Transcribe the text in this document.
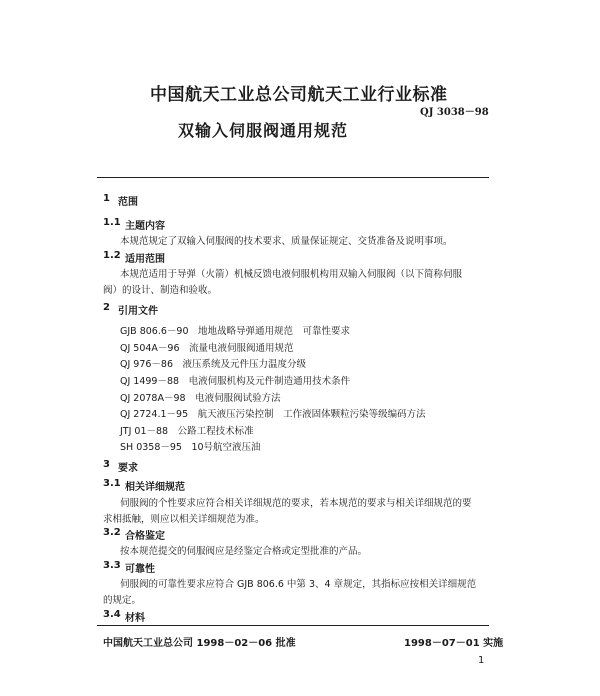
中国航天工业总公司航天工业行业标准
QJ 3038－98
双输入伺服阀通用规范
1 范围
1.1 主题内容
本规范规定了双输入伺服阀的技术要求、质量保证规定、交货准备及说明事项。
1.2 适用范围
本规范适用于导弹（火箭）机械反馈电液伺服机构用双输入伺服阀（以下简称伺服
阀）的设计、制造和验收。
2 引用文件
GJB 806.6－90　地地战略导弹通用规范　可靠性要求
QJ 504A－96　流量电液伺服阀通用规范
QJ 976－86　液压系统及元件压力温度分级
QJ 1499－88　电液伺服机构及元件制造通用技术条件
QJ 2078A－98　电液伺服阀试验方法
QJ 2724.1－95　航天液压污染控制　工作液固体颗粒污染等级编码方法
JTJ 01－88　公路工程技术标准
SH 0358－95　10号航空液压油
3 要求
3.1 相关详细规范
伺服阀的个性要求应符合相关详细规范的要求，若本规范的要求与相关详细规范的要
求相抵触，则应以相关详细规范为准。
3.2 合格鉴定
按本规范提交的伺服阀应是经鉴定合格或定型批准的产品。
3.3 可靠性
伺服阀的可靠性要求应符合 GJB 806.6 中第 3、4 章规定，其指标应按相关详细规范
的规定。
3.4 材料
中国航天工业总公司 1998－02－06 批准	1998－07－01 实施
1
